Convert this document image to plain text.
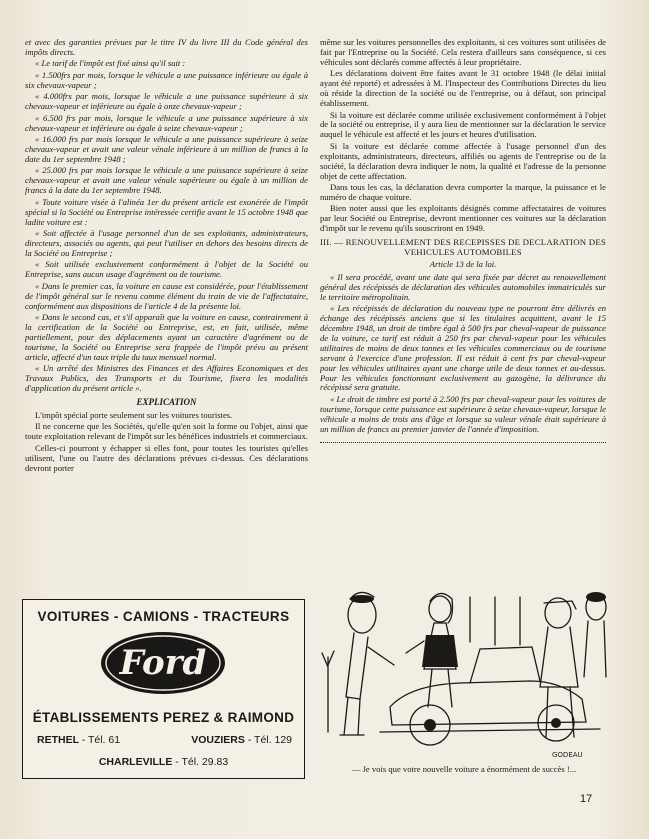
et avec des garanties prévues par le titre IV du livre III du Code général des impôts directs.

« Le tarif de l'impôt est fixé ainsi qu'il suit :

« 1.500frs par mois, lorsque le véhicule a une puissance inférieure ou égale à six chevaux-vapeur ;

« 4.000frs par mois, lorsque le véhicule a une puissance supérieure à six chevaux-vapeur et inférieure ou égale à onze chevaux-vapeur ;

« 6.500 frs par mois, lorsque le véhicule a une puissance supérieure à six chevaux-vapeur et inférieure ou égale à seize chevaux-vapeur ;

« 16.000 frs par mois lorsque le véhicule a une puissance supérieure à seize chevaux-vapeur et avait une valeur vénale inférieure à un million de francs à la date du 1er septembre 1948 ;

« 25.000 frs par mois lorsque le véhicule a une puissance supérieure à seize chevaux-vapeur et avait une valeur vénale supérieure ou égale à un million de francs à la date du 1er septembre 1948.

« Toute voiture visée à l'alinéa 1er du présent article est exonérée de l'impôt spécial si la Société ou Entreprise intéressée certifie avant le 15 octobre 1948 que ladite voiture est :

« Soit affectée à l'usage personnel d'un de ses exploitants, administrateurs, directeurs, associés ou agents, qui peut l'utiliser en dehors des besoins directs de la Société ou Entreprise ;

« Soit utilisée exclusivement conformément à l'objet de la Société ou Entreprise, sans aucun usage d'agrément ou de tourisme.

« Dans le premier cas, la voiture en cause est considérée, pour l'établissement de l'impôt général sur le revenu comme élément du train de vie de l'affectataire, conformément aux dispositions de l'article 4 de la présente loi.

« Dans le second cas, et s'il apparaît que la voiture en cause, contrairement à la certification de la Société ou Entreprise, est, en fait, utilisée, même partiellement, pour des déplacements ayant un caractère d'agrément ou de tourisme, la Société ou Entreprise sera frappée de l'impôt prévu au présent article, affecté d'un taux triple du taux mensuel normal.

« Un arrêté des Ministres des Finances et des Affaires Economiques et des Travaux Publics, des Transports et du Tourisme, fixera les modalités d'application du présent article ».

EXPLICATION

L'impôt spécial porte seulement sur les voitures touristes.

Il ne concerne que les Sociétés, qu'elle qu'en soit la forme ou l'objet, ainsi que toute exploitation relevant de l'impôt sur les bénéfices industriels et commerciaux.

Celles-ci pourront y échapper si elles font, pour toutes les touristes qu'elles utilisent, l'une ou l'autre des déclarations prévues ci-dessus. Ces déclarations devront porter

VOITURES - CAMIONS - TRACTEURS
Ford
ÉTABLISSEMENTS PEREZ & RAIMOND
RETHEL - Tél. 61	VOUZIERS - Tél. 129
CHARLEVILLE - Tél. 29.83

même sur les voitures personnelles des exploitants, si ces voitures sont utilisées de fait par l'Entreprise ou la Société. Cela restera d'ailleurs sans conséquence, si ces véhicules sont déclarés comme affectés à leur propriétaire.

Les déclarations doivent être faites avant le 31 octobre 1948 (le délai initial ayant été reporté) et adressées à M. l'Inspecteur des Contributions Directes du lieu où réside la direction de la société ou de l'entreprise, ou à défaut, son principal établissement.

Si la voiture est déclarée comme utilisée exclusivement conformément à l'objet de la société ou entreprise, il y aura lieu de mentionner sur la déclaration le service auquel le véhicule est affecté et les jours et heures d'utilisation.

Si la voiture est déclarée comme affectée à l'usage personnel d'un des exploitants, administrateurs, directeurs, affiliés ou agents de l'entreprise ou de la société, la déclaration devra indiquer le nom, la qualité et l'adresse de la personne objet de cette affectation.

Dans tous les cas, la déclaration devra comporter la marque, la puissance et le numéro de chaque voiture.

Bien noter aussi que les exploitants désignés comme affectataires de voitures par leur Société ou Entreprise, devront mentionner ces voitures sur la déclaration d'impôt sur le revenu qu'ils souscriront en 1949.

III. — RENOUVELLEMENT DES RECEPISSES DE DECLARATION DES VEHICULES AUTOMOBILES
Article 13 de la loi.

« Il sera procédé, avant une date qui sera fixée par décret au renouvellement général des récépissés de déclaration des véhicules automobiles immatriculés sur le territoire métropolitain.

« Les récépissés de déclaration du nouveau type ne pourront être délivrés en échange des récépissés anciens que si les titulaires acquittent, avant le 15 décembre 1948, un droit de timbre égal à 500 frs par cheval-vapeur de puissance de la voiture, ce tarif est réduit à 250 frs par cheval-vapeur pour les véhicules utilitaires de moins de deux tonnes et les véhicules commerciaux ou de tourisme servant à l'exercice d'une profession. Il est réduit à cent frs par cheval-vapeur pour les véhicules utilitaires ayant une charge utile de deux tonnes et au-dessus. Pour les véhicules fonctionnant exclusivement au gazogène, la délivrance du récépissé sera gratuite.

« Le droit de timbre est porté à 2.500 frs par cheval-vapeur pour les voitures de tourisme, lorsque cette puissance est supérieure à seize chevaux-vapeur, lorsque le véhicule a moins de trois ans d'âge et lorsque sa valeur vénale était supérieure à un million de francs au premier janvier de l'année d'imposition.

GODEAU
— Je vois que votre nouvelle voiture a énormément de succès !...
17
